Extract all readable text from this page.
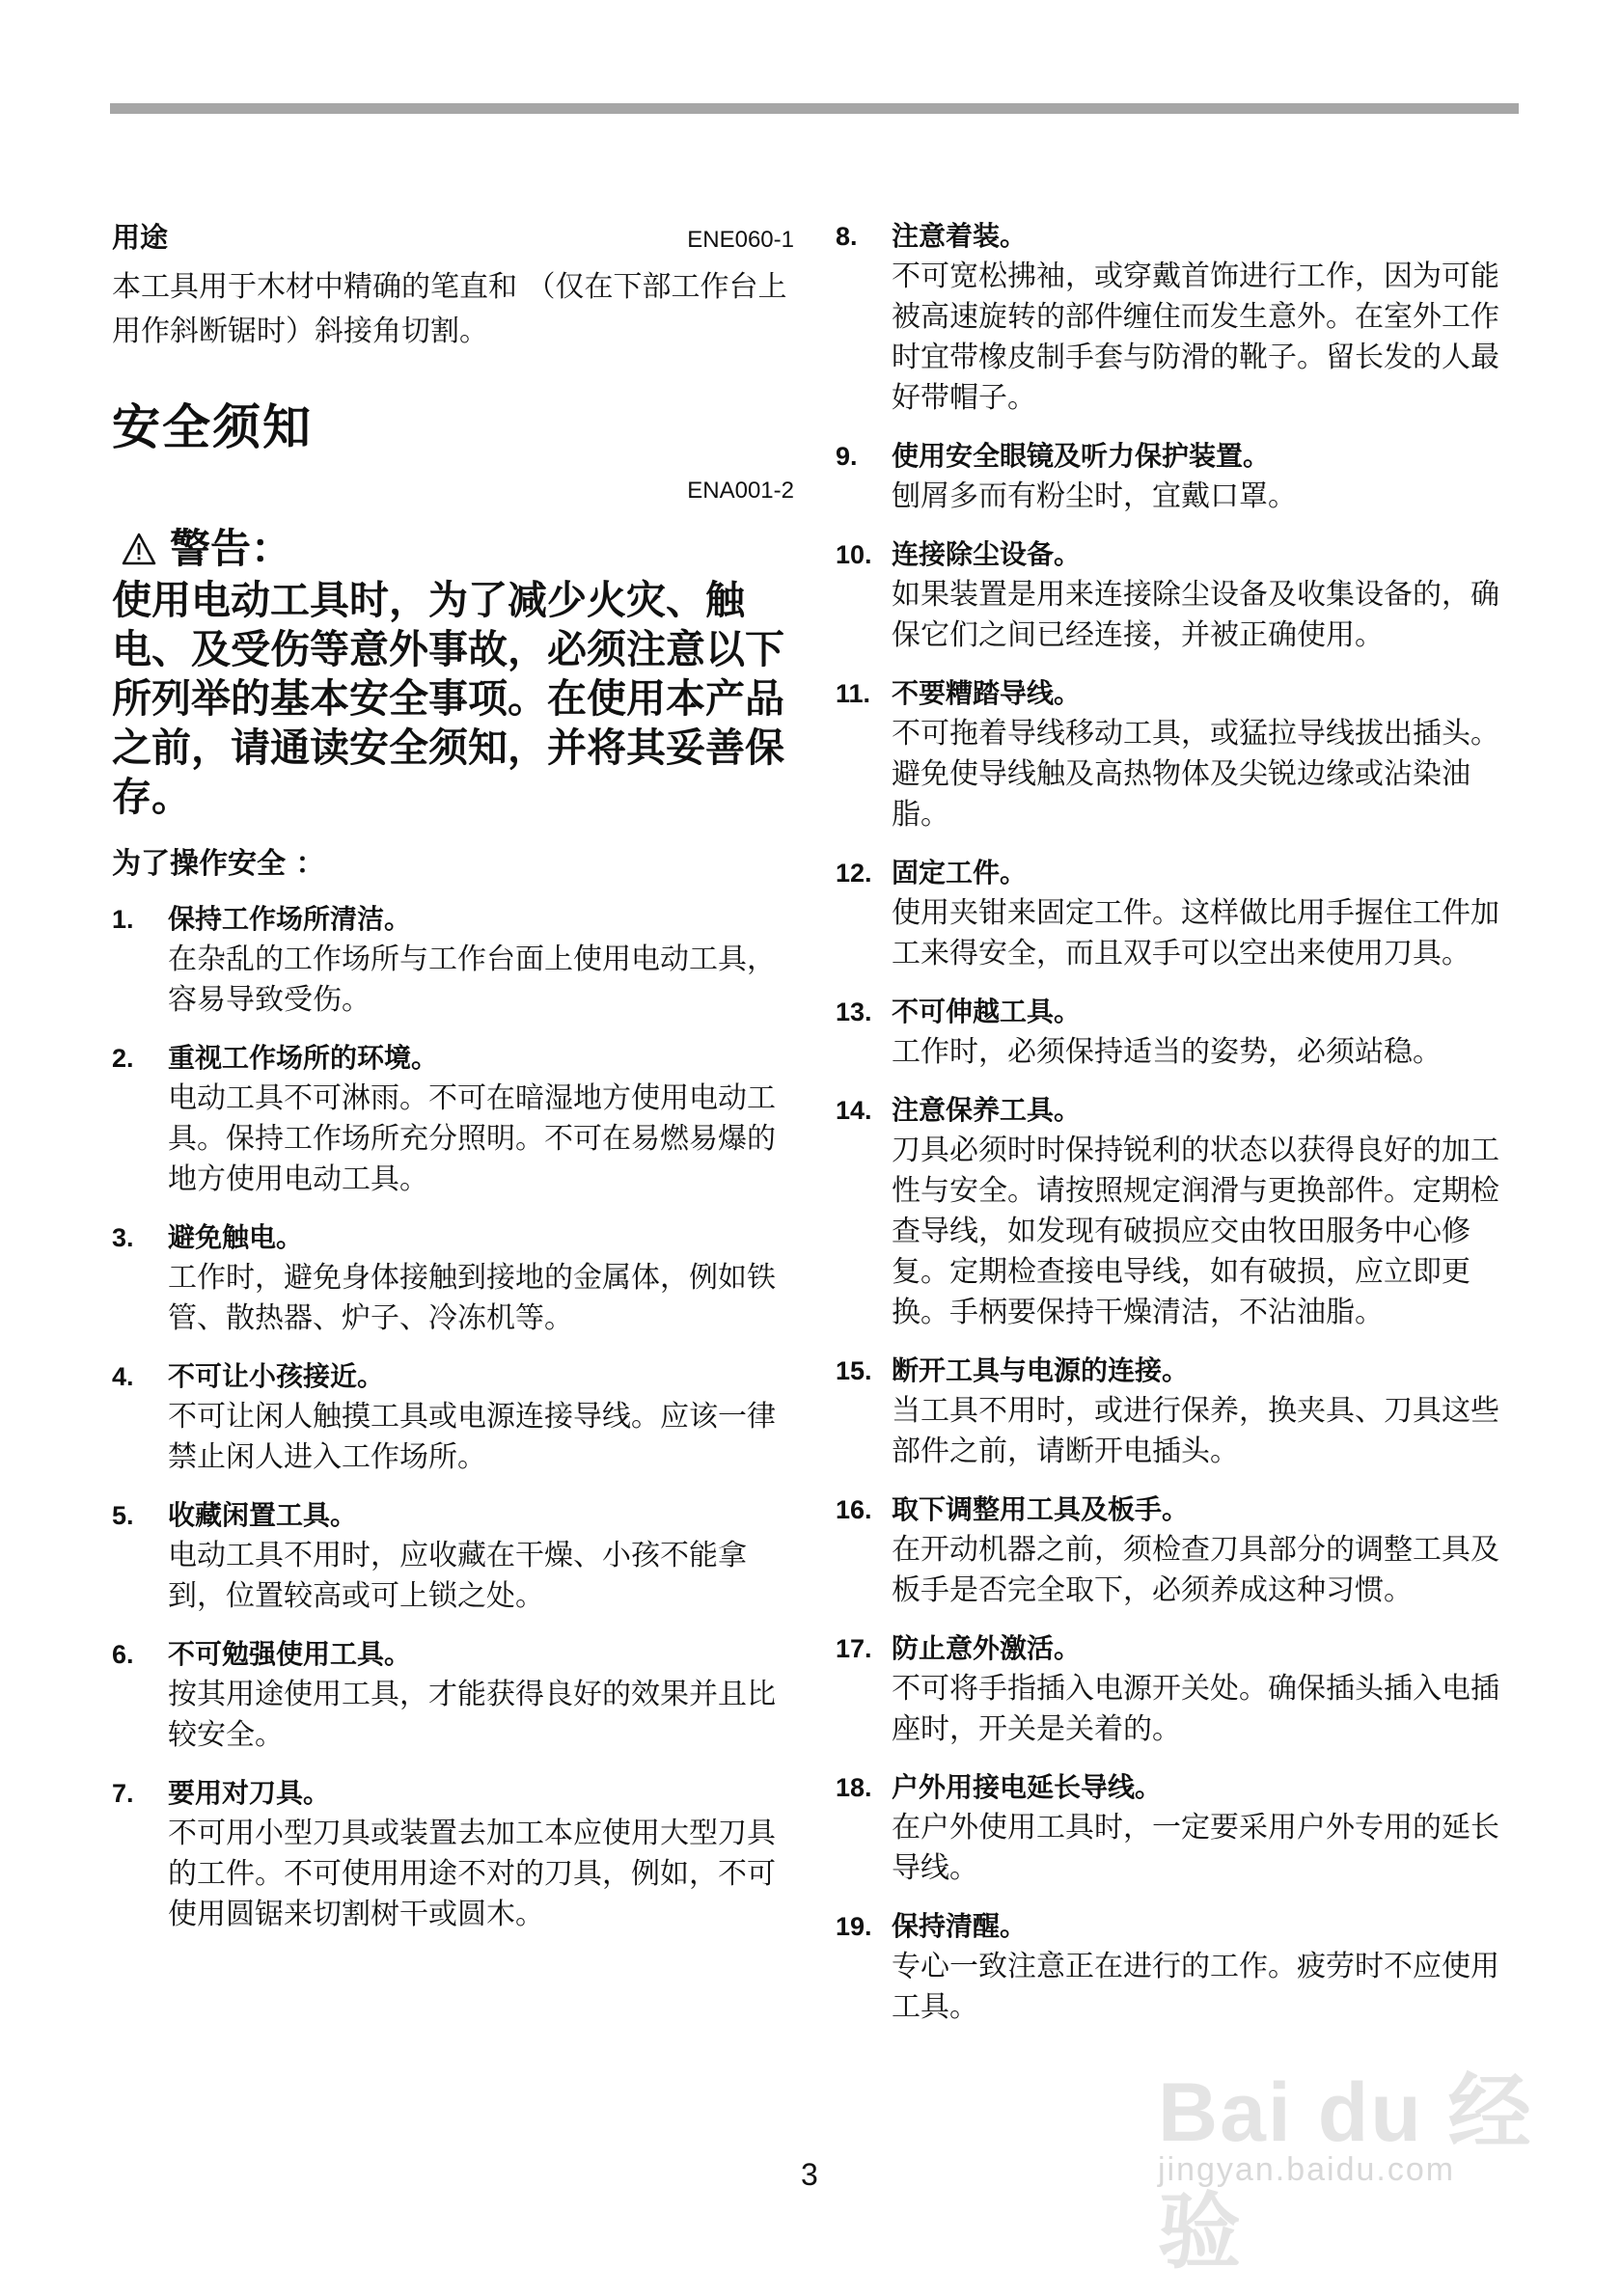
用途	ENE060-1
本工具用于木材中精确的笔直和 （仅在下部工作台上用作斜断锯时）斜接角切割。
安全须知
ENA001-2
警告：
使用电动工具时，为了减少火灾、触电、及受伤等意外事故，必须注意以下所列举的基本安全事项。在使用本产品之前，请通读安全须知，并将其妥善保存。
为了操作安全 ：
1.	保持工作场所清洁。
在杂乱的工作场所与工作台面上使用电动工具，容易导致受伤。
2.	重视工作场所的环境。
电动工具不可淋雨。不可在暗湿地方使用电动工具。保持工作场所充分照明。不可在易燃易爆的地方使用电动工具。
3.	避免触电。
工作时，避免身体接触到接地的金属体，例如铁管、散热器、炉子、冷冻机等。
4.	不可让小孩接近。
不可让闲人触摸工具或电源连接导线。应该一律禁止闲人进入工作场所。
5.	收藏闲置工具。
电动工具不用时，应收藏在干燥、小孩不能拿到，位置较高或可上锁之处。
6.	不可勉强使用工具。
按其用途使用工具，才能获得良好的效果并且比较安全。
7.	要用对刀具。
不可用小型刀具或装置去加工本应使用大型刀具的工件。不可使用用途不对的刀具，例如，不可使用圆锯来切割树干或圆木。
8.	注意着装。
不可宽松拂袖，或穿戴首饰进行工作，因为可能被高速旋转的部件缠住而发生意外。在室外工作时宜带橡皮制手套与防滑的靴子。留长发的人最好带帽子。
9.	使用安全眼镜及听力保护装置。
刨屑多而有粉尘时，宜戴口罩。
10. 连接除尘设备。
如果装置是用来连接除尘设备及收集设备的，确保它们之间已经连接，并被正确使用。
11. 不要糟踏导线。
不可拖着导线移动工具，或猛拉导线拔出插头。避免使导线触及高热物体及尖锐边缘或沾染油脂。
12. 固定工件。
使用夹钳来固定工件。这样做比用手握住工件加工来得安全，而且双手可以空出来使用刀具。
13. 不可伸越工具。
工作时，必须保持适当的姿势，必须站稳。
14. 注意保养工具。
刀具必须时时保持锐利的状态以获得良好的加工性与安全。请按照规定润滑与更换部件。定期检查导线，如发现有破损应交由牧田服务中心修复。定期检查接电导线，如有破损，应立即更换。手柄要保持干燥清洁，不沾油脂。
15. 断开工具与电源的连接。
当工具不用时，或进行保养，换夹具、刀具这些部件之前，请断开电插头。
16. 取下调整用工具及板手。
在开动机器之前，须检查刀具部分的调整工具及板手是否完全取下，必须养成这种习惯。
17. 防止意外激活。
不可将手指插入电源开关处。确保插头插入电插座时，开关是关着的。
18. 户外用接电延长导线。
在户外使用工具时，一定要采用户外专用的延长导线。
19. 保持清醒。
专心一致注意正在进行的工作。疲劳时不应使用工具。
3
Bai du 经验
jingyan.baidu.com
